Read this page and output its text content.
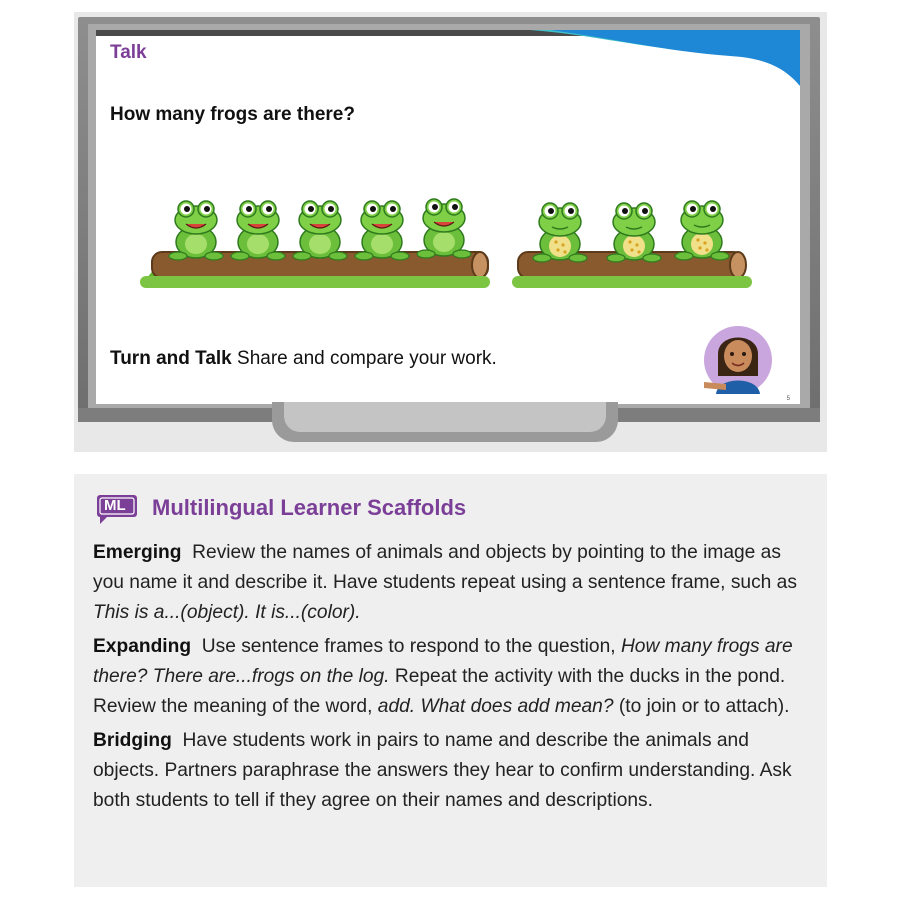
Talk
How many frogs are there?
Turn and Talk Share and compare your work.
5
ML Multilingual Learner Scaffolds

Emerging Review the names of animals and objects by pointing to the image as you name it and describe it. Have students repeat using a sentence frame, such as This is a...(object). It is...(color).

Expanding Use sentence frames to respond to the question, How many frogs are there? There are...frogs on the log. Repeat the activity with the ducks in the pond. Review the meaning of the word, add. What does add mean? (to join or to attach).

Bridging Have students work in pairs to name and describe the animals and objects. Partners paraphrase the answers they hear to confirm understanding. Ask both students to tell if they agree on their names and descriptions.
